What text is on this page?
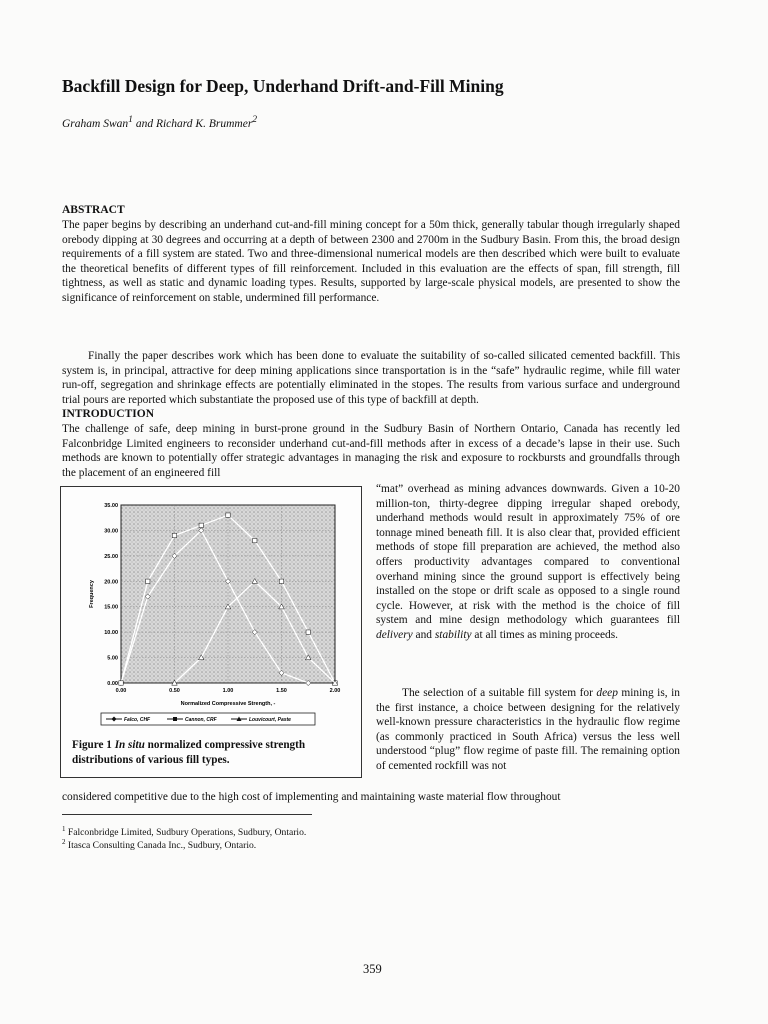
Backfill Design for Deep, Underhand Drift-and-Fill Mining
Graham Swan$^1$ and Richard K. Brummer$^2$
ABSTRACT

The paper begins by describing an underhand cut-and-fill mining concept for a 50m thick, generally tabular though irregularly shaped orebody dipping at 30 degrees and occurring at a depth of between 2300 and 2700m in the Sudbury Basin. From this, the broad design requirements of a fill system are stated. Two and three-dimensional numerical models are then described which were built to evaluate the theoretical benefits of different types of fill reinforcement. Included in this evaluation are the effects of span, fill strength, fill tightness, as well as static and dynamic loading types. Results, supported by large-scale physical models, are presented to show the significance of reinforcement on stable, undermined fill performance.

Finally the paper describes work which has been done to evaluate the suitability of so-called silicated cemented backfill. This system is, in principal, attractive for deep mining applications since transportation is in the “safe” hydraulic regime, while fill water run-off, segregation and shrinkage effects are potentially eliminated in the stopes. The results from various surface and underground trial pours are reported which substantiate the proposed use of this type of backfill at depth.

INTRODUCTION

The challenge of safe, deep mining in burst-prone ground in the Sudbury Basin of Northern Ontario, Canada has recently led Falconbridge Limited engineers to reconsider underhand cut-and-fill methods after in excess of a decade’s lapse in their use. Such methods are known to potentially offer strategic advantages in managing the risk and exposure to rockbursts and groundfalls through the placement of an engineered fill

“mat” overhead as mining advances downwards. Given a 10-20 million-ton, thirty-degree dipping irregular shaped orebody, underhand methods would result in approximately 75% of ore tonnage mined beneath fill. It is also clear that, provided efficient methods of stope fill preparation are achieved, the method also offers productivity advantages compared to conventional overhand mining since the ground support is effectively being installed on the stope or drift scale as opposed to a single round cycle. However, at risk with the method is the choice of fill system and mine design methodology which guarantees fill delivery and stability at all times as mining proceeds.

The selection of a suitable fill system for deep mining is, in the first instance, a choice between designing for the relatively well-known pressure characteristics in the hydraulic flow regime (as commonly practiced in South Africa) versus the less well understood “plug” flow regime of paste fill. The remaining option of cemented rockfill was not

considered competitive due to the high cost of implementing and maintaining waste material flow throughout

0.00
5.00
10.00
15.00
20.00
25.00
30.00
35.00
0.00	0.50	1.00	1.50	2.00
Normalized Compressive Strength, -
Frequency
Falco, CHF	Cannon, CRF	Louvicourt, Paste

Figure 1 In situ normalized compressive strength distributions of various fill types.

$^1$ Falconbridge Limited, Sudbury Operations, Sudbury, Ontario.
$^2$ Itasca Consulting Canada Inc., Sudbury, Ontario.
359
